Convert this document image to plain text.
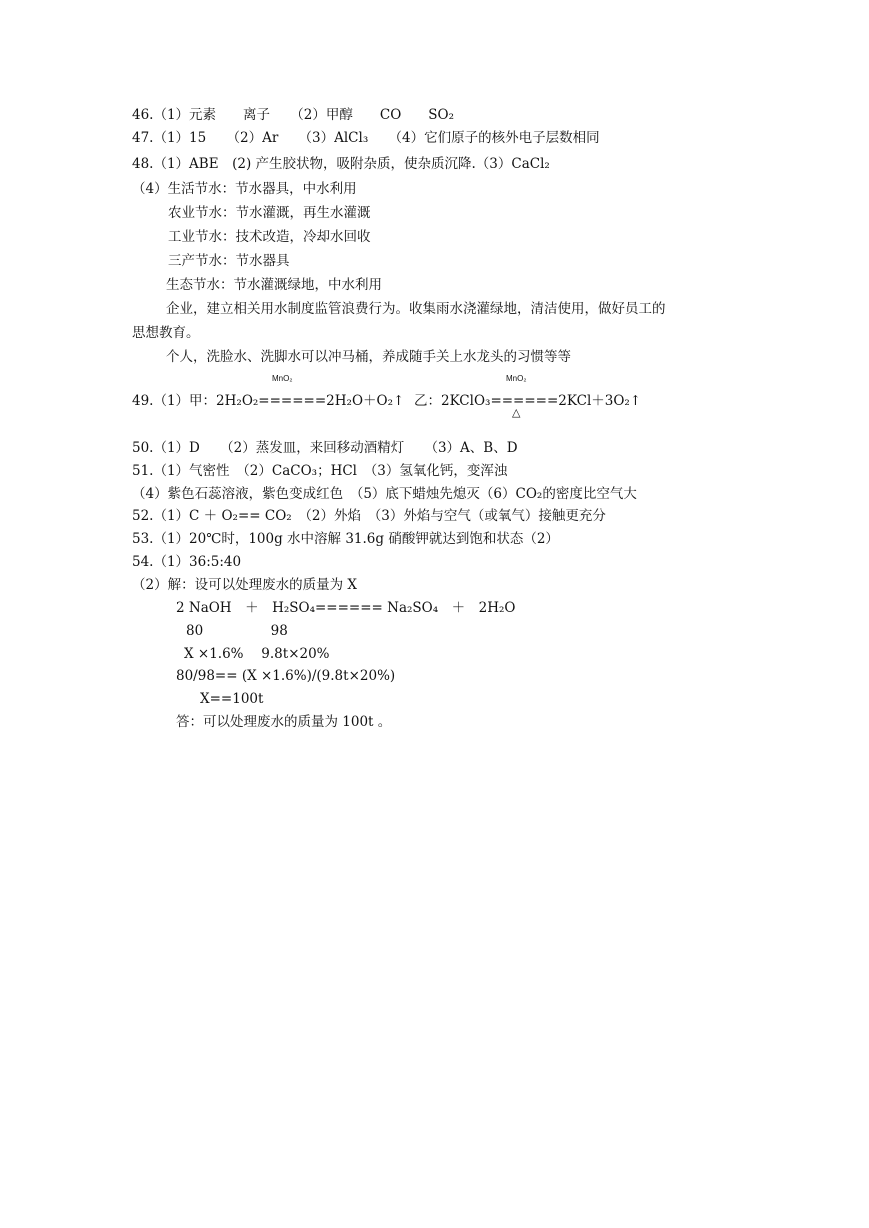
46.（1）元素　　离子　　（2）甲醇　　CO　　SO₂
47.（1）15　　（2）Ar　　（3）AlCl₃　　（4）它们原子的核外电子层数相同
48.（1）ABE　(2) 产生胶状物，吸附杂质，使杂质沉降.（3）CaCl₂
（4）生活节水：节水器具，中水利用
农业节水：节水灌溉，再生水灌溉
工业节水：技术改造，冷却水回收
三产节水：节水器具
生态节水：节水灌溉绿地，中水利用
企业，建立相关用水制度监管浪费行为。收集雨水浇灌绿地，清洁使用，做好员工的
思想教育。
个人，洗脸水、洗脚水可以冲马桶，养成随手关上水龙头的习惯等等
MnO₂	MnO₂
49.（1）甲：2H₂O₂======2H₂O＋O₂↑ 乙：2KClO₃======2KCl＋3O₂↑
△
50.（1）D　　（2）蒸发皿，来回移动酒精灯　　（3）A、B、D
51.（1）气密性　（2）CaCO₃；HCl　（3）氢氧化钙，变浑浊
（4）紫色石蕊溶液，紫色变成红色　（5）底下蜡烛先熄灭（6）CO₂的密度比空气大
52.（1）C ＋ O₂== CO₂　（2）外焰　（3）外焰与空气（或氧气）接触更充分
53.（1）20℃时，100g 水中溶解 31.6g 硝酸钾就达到饱和状态（2）
54.（1）36:5:40
（2）解：设可以处理废水的质量为 X
2 NaOH　＋　H₂SO₄====== Na₂SO₄　＋　2H₂O
80　　　　　98
X ×1.6%　 9.8t×20%
80/98== (X ×1.6%)/(9.8t×20%)
X==100t
答：可以处理废水的质量为 100t 。
